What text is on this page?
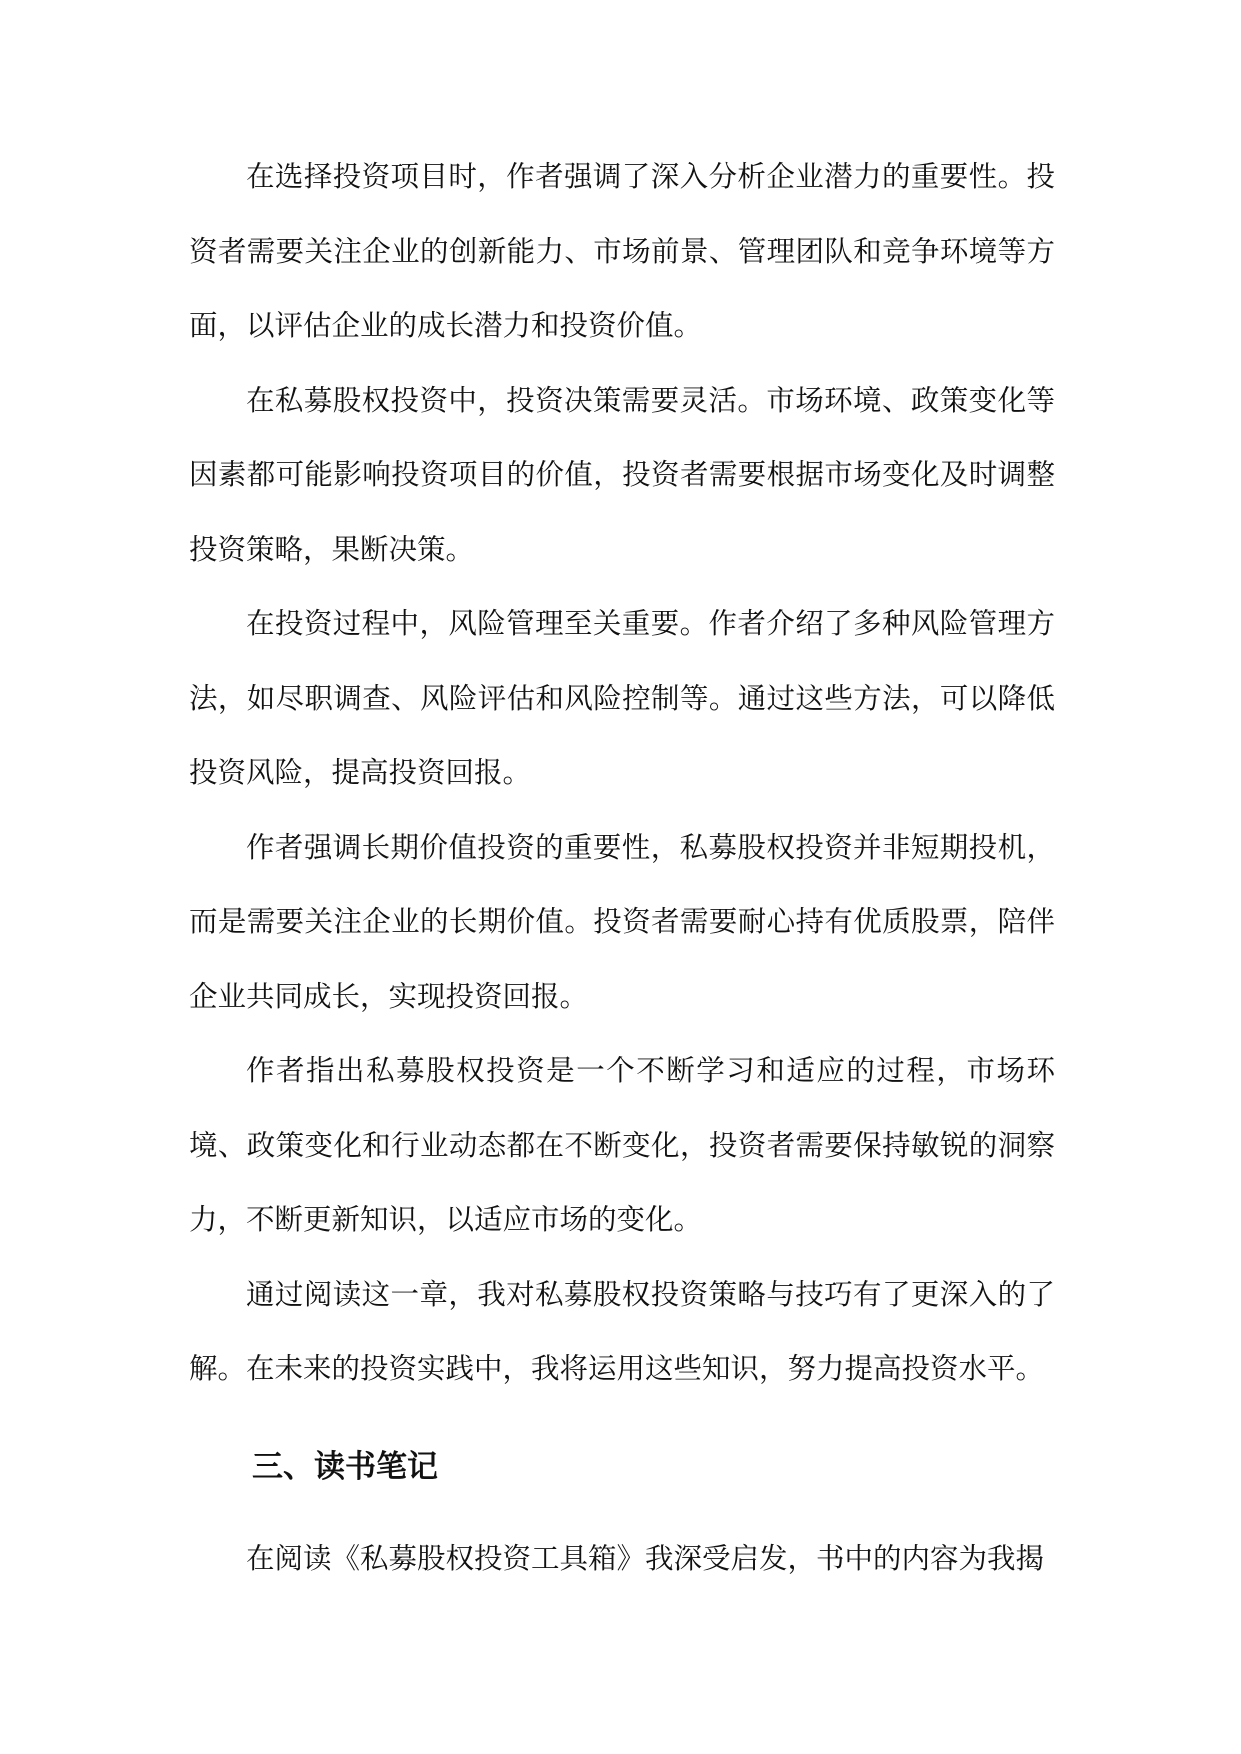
在选择投资项目时，作者强调了深入分析企业潜力的重要性。投资者需要关注企业的创新能力、市场前景、管理团队和竞争环境等方面，以评估企业的成长潜力和投资价值。

在私募股权投资中，投资决策需要灵活。市场环境、政策变化等因素都可能影响投资项目的价值，投资者需要根据市场变化及时调整投资策略，果断决策。

在投资过程中，风险管理至关重要。作者介绍了多种风险管理方法，如尽职调查、风险评估和风险控制等。通过这些方法，可以降低投资风险，提高投资回报。

作者强调长期价值投资的重要性，私募股权投资并非短期投机，而是需要关注企业的长期价值。投资者需要耐心持有优质股票，陪伴企业共同成长，实现投资回报。

作者指出私募股权投资是一个不断学习和适应的过程，市场环境、政策变化和行业动态都在不断变化，投资者需要保持敏锐的洞察力，不断更新知识，以适应市场的变化。

通过阅读这一章，我对私募股权投资策略与技巧有了更深入的了解。在未来的投资实践中，我将运用这些知识，努力提高投资水平。

三、读书笔记

在阅读《私募股权投资工具箱》我深受启发，书中的内容为我揭
